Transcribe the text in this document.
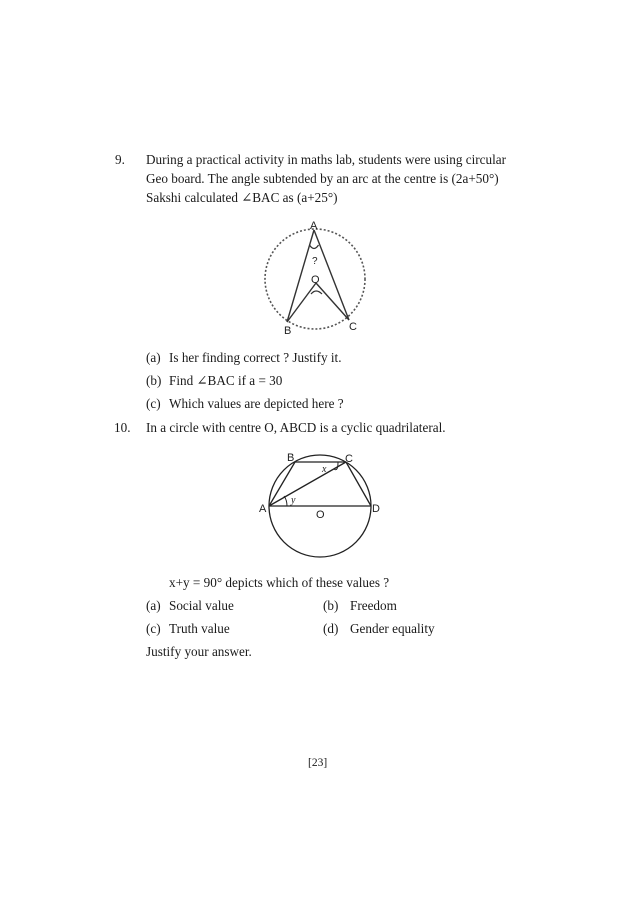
9. During a practical activity in maths lab, students were using circular
Geo board. The angle subtended by an arc at the centre is (2a+50°)
Sakshi calculated ∠BAC as (a+25°)
A
?
O
B	C
(a) Is her finding correct ? Justify it.
(b) Find ∠BAC if a = 30
(c) Which values are depicted here ?
10. In a circle with centre O, ABCD is a cyclic quadrilateral.
B	C
x
y
A	O	D
x+y = 90° depicts which of these values ?
(a) Social value	(b) Freedom
(c) Truth value	(d) Gender equality
Justify your answer.
[23]
